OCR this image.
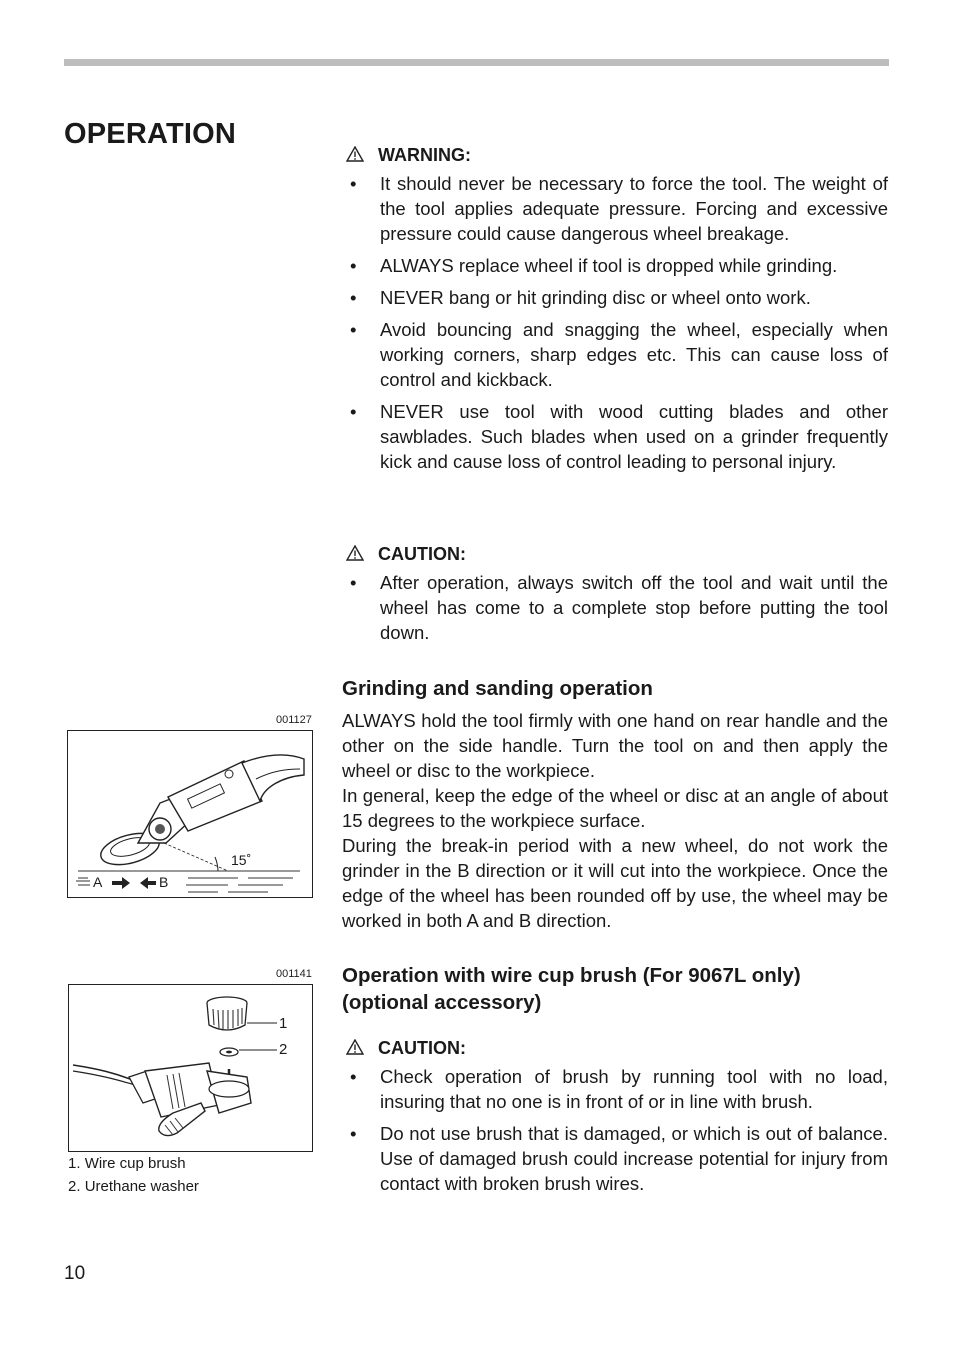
OPERATION
WARNING:
• It should never be necessary to force the tool. The weight of the tool applies adequate pressure. Forcing and excessive pressure could cause dangerous wheel breakage.
• ALWAYS replace wheel if tool is dropped while grinding.
• NEVER bang or hit grinding disc or wheel onto work.
• Avoid bouncing and snagging the wheel, especially when working corners, sharp edges etc. This can cause loss of control and kickback.
• NEVER use tool with wood cutting blades and other sawblades. Such blades when used on a grinder frequently kick and cause loss of control leading to personal injury.
CAUTION:
• After operation, always switch off the tool and wait until the wheel has come to a complete stop before putting the tool down.
Grinding and sanding operation

ALWAYS hold the tool firmly with one hand on rear handle and the other on the side handle. Turn the tool on and then apply the wheel or disc to the workpiece.

In general, keep the edge of the wheel or disc at an angle of about 15 degrees to the workpiece surface.

During the break-in period with a new wheel, do not work the grinder in the B direction or it will cut into the workpiece. Once the edge of the wheel has been rounded off by use, the wheel may be worked in both A and B direction.

Operation with wire cup brush (For 9067L only)
(optional accessory)
CAUTION:
• Check operation of brush by running tool with no load, insuring that no one is in front of or in line with brush.
• Do not use brush that is damaged, or which is out of balance. Use of damaged brush could increase potential for injury from contact with broken brush wires.
001127
15˚
A	B
001141
1
2
1. Wire cup brush
2. Urethane washer
10
